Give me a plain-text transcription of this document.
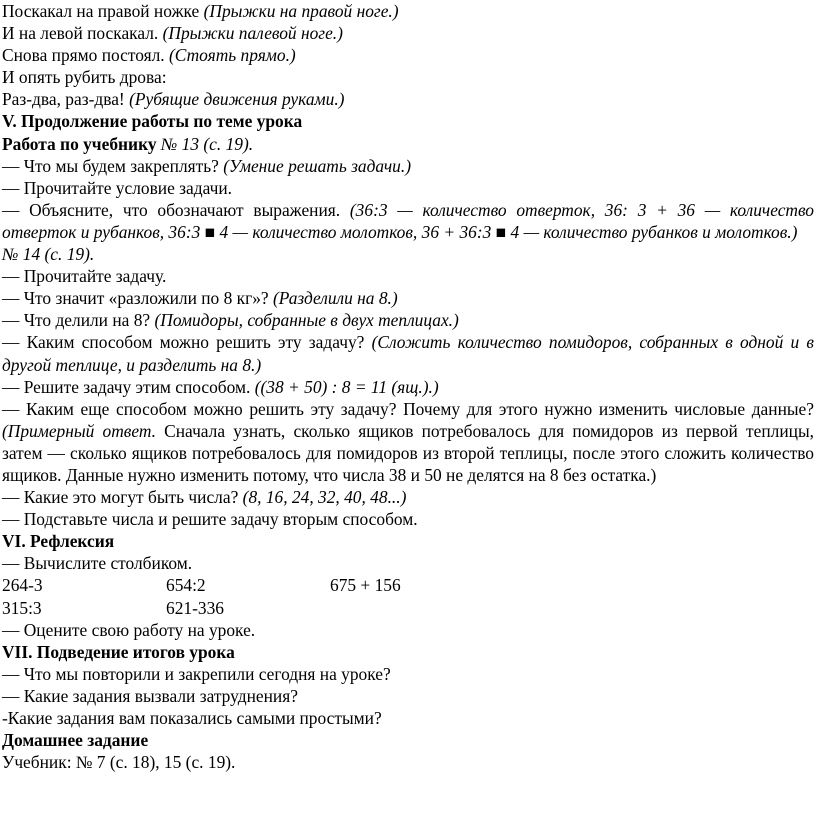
Поскакал на правой ножке (Прыжки на правой ноге.)
И на левой поскакал. (Прыжки палевой ноге.)
Снова прямо постоял. (Стоять прямо.)
И опять рубить дрова:
Раз-два, раз-два! (Рубящие движения руками.)
V. Продолжение работы по теме урока
Работа по учебнику № 13 (с. 19).
— Что мы будем закреплять? (Умение решать задачи.)
— Прочитайте условие задачи.
— Объясните, что обозначают выражения. (36:3 — количество отверток, 36: 3 + 36 — количество отверток и рубанков, 36:3 ■ 4 — количество молотков, 36 + 36:3 ■ 4 — количество рубанков и молотков.)
№ 14 (с. 19).
— Прочитайте задачу.
— Что значит «разложили по 8 кг»? (Разделили на 8.)
— Что делили на 8? (Помидоры, собранные в двух теплицах.)
— Каким способом можно решить эту задачу? (Сложить количество помидоров, собранных в одной и в другой теплице, и разделить на 8.)
— Решите задачу этим способом. ((38 + 50) : 8 = 11 (ящ.).)
— Каким еще способом можно решить эту задачу? Почему для этого нужно изменить числовые данные? (Примерный ответ. Сначала узнать, сколько ящиков потребовалось для помидоров из первой теплицы, затем — сколько ящиков потребовалось для помидоров из второй теплицы, после этого сложить количество ящиков. Данные нужно изменить потому, что числа 38 и 50 не делятся на 8 без остатка.)
— Какие это могут быть числа? (8, 16, 24, 32, 40, 48...)
— Подставьте числа и решите задачу вторым способом.
VI. Рефлексия
— Вычислите столбиком.
264-3	654:2	675 + 156
315:3	621-336
— Оцените свою работу на уроке.
VII. Подведение итогов урока
— Что мы повторили и закрепили сегодня на уроке?
— Какие задания вызвали затруднения?
-Какие задания вам показались самыми простыми?
Домашнее задание
Учебник: № 7 (с. 18), 15 (с. 19).
